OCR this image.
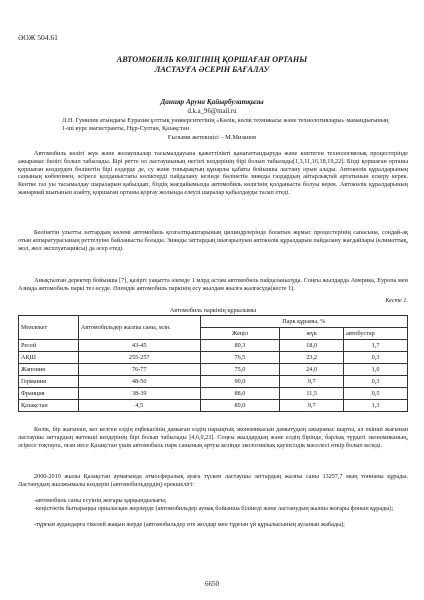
ӘОЖ 504.61
АВТОМОБИЛЬ КӨЛІГІНІҢ ҚОРШАҒАН ОРТАНЫ
ЛАСТАУҒА ӘСЕРІН БАҒАЛАУ
Данияр Аруна Қайырбулатқызы
d.k.a_96@mail.ru
Л.Н. Гумилев атындағы Еуразия ұлттық университетінің «Көлік, көлік техникасы және технологиялары» мамандығының 1-ші курс магистранты, Нұр-Султан, Қазақстан
Ғылыми жетекшісі – М.Мизанов
Автомобиль көлігі жүк және жолаушылар тасымалдауына қажеттілікті қанағаттандыруда және көптеген технологиялық процестерінде ажырамас бөлігі болып табылады. Бірі ретте ол ластаушының негізгі көздерінің бірі болып табылады[1,3,11,16,18,19,22]. Бізді қоршаған ортаны қоршаған көздерден бөлінетін бірі елдерде де, су және топырақтың құнарлы қабаты бойынша ластану орын алады. Автокөлік құралдарының санының көбеюімен, әсіресе қолданыстағы көліктерді пайдалану кезінде бөлінетін зиянды газдардың айтарлықтай артатынын ескеру керек. Кентке газ уы тасымалдау шараларын қабылдап, біздің жағдайымызда автомобиль көлігінің қолданыста болуы керек. Автокөлік құралдарының жанармай шығынын азайту, қоршаған ортаны қорғау жолында елеулі шаралар қабылдауды талап етеді.
Бөлінетін улытты заттардың көлемі автомобиль қозғалтқыштарының цилиндрлерінде болатын жұмыс процестерінің сапасына, сондай-ақ отын аппаратурасының реттелуіне байланысты болады. Зиянды заттардың шығарылуын автокөлік құралдарын пайдалану жағдайлары (климаттық, жол, жол эксплуатациясы) да әсер етеді.
Анықталған деректер бойынша [7], қазіргі уақытта әлемде 1 млрд астам автомобиль пайдаланылуда. Соңғы жылдарда Америка, Еуропа мен Азияда автомобиль паркі тез өсуде. Әлемдік автомобиль паркінің есу жылдам жылға жалғасуда(кесте 1).
Кесте 1.
Автомобиль паркінің құрылымы
Мемлекет	Автомобильдер жалпы саны, млн.	Парк құрамы, %		
		Жеңіл	жүк	автобустар
Ресей	43-45	80,3	18,0	1,7
АҚШ	255-257	76,5	23,2	0,3
Жапония	76-77	75,0	24,0	1,0
Германия	48-50	90,0	9,7	0,3
Франция	38-39	88,0	11,5	0,5
Қазақстан	4,5	89,0	9,7	1,3
Көлік, бір жағынан, кез келген елдің еңбекасінің дамыған елдің нарықтық экономикасын дамытудың ажырамас шарты, ал екінші жағынан ластаушы заттардың жетекші көздерінің бірі болып табылады [4,6,9,23]. Соңғы жылдардың және елдің бірінде, барлық түрдегі экономиканың, әсіресе тоқтауға, оған иесе Қазақстан үшін автомобиль парк санының артуы кезінде экологиялық қауіпсіздік мәселесі өткір болып келеді.
2000-2019 жылы Қазақстан аумағында атмосфералық ауаға түскен ластаушы заттардың жалпы саны 13257,7 мың тоннаны құрады. Ластанудың жылжымалы көздерін (автомобильдердің) ерекшелігі:
-автомобиль саны есуінің жоғары қарқындылығы;
-кеңістіктік бытыраңқы орналасқан жерлерде (автомобильдер аумақ бойынша біліиеді және ластанудың жалпы жоғары фонын құрады);
-тұрғын аудандарға тікелей жақын жерде (автомобильдер өте жолдар мен тұрғын үй құрылысының ауланын жабады);
6650
